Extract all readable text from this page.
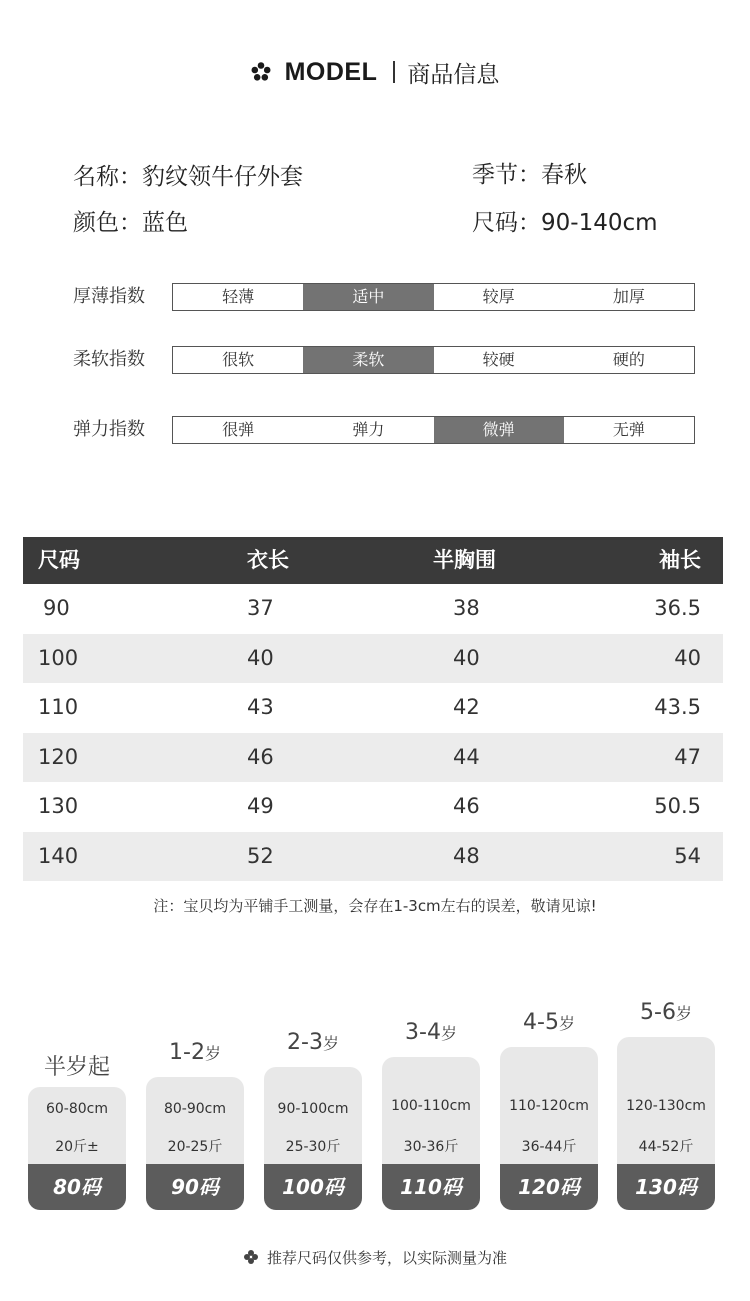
MODEL 商品信息
名称：豹纹领牛仔外套	季节：春秋
颜色：蓝色	尺码：90-140cm
厚薄指数	轻薄	适中	较厚	加厚
柔软指数	很软	柔软	较硬	硬的
弹力指数	很弹	弹力	微弹	无弹
尺码	衣长	半胸围	袖长
90	37	38	36.5
100	40	40	40
110	43	42	43.5
120	46	44	47
130	49	46	50.5
140	52	48	54
注：宝贝均为平铺手工测量，会存在1-3cm左右的误差，敬请见谅!
半岁起
60-80cm
20斤±
80码
1-2岁
80-90cm
20-25斤
90码
2-3岁
90-100cm
25-30斤
100码
3-4岁
100-110cm
30-36斤
110码
4-5岁
110-120cm
36-44斤
120码
5-6岁
120-130cm
44-52斤
130码
推荐尺码仅供参考，以实际测量为准
